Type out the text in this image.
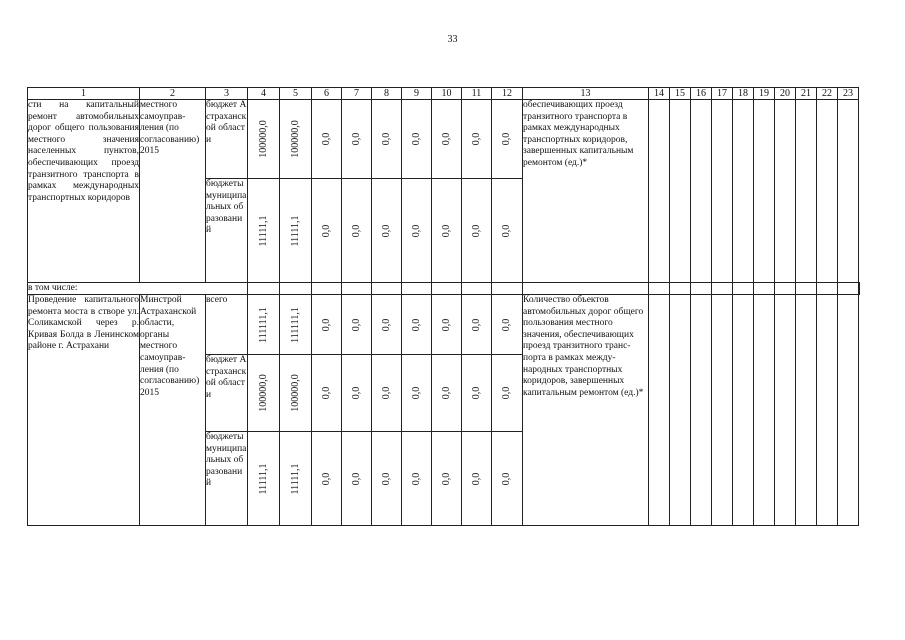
33
1	2	3	4	5	6	7	8	9	10	11	12	13	14	15	16	17	18	19	20	21	22	23	
сти на капитальный ремонт автомобильных дорог общего пользования местного значения населенных пунктов, обеспечивающих проезд транзитного транспорта в рамках международных транспортных коридоров	местного самоуправления (по согласованию) 2015	бюджет Астраханской области	100000,0	100000,0	0,0	0,0	0,0	0,0	0,0	0,0	0,0	обеспечивающих проезд транзитного транспорта в рамках международных транспортных коридоров, завершенных капитальным ремонтом (ед.)*											
		бюджеты муниципальных образований	11111,1	11111,1	0,0	0,0	0,0	0,0	0,0	0,0	0,0												

в том числе:																							
Проведение капитального ремонта моста в створе ул. Соликамской через р. Кривая Болда в Ленинском районе г. Астрахани	Минстрой Астраханской области, органы местного самоуправления (по согласованию) 2015	всего	111111,1	111111,1	0,0	0,0	0,0	0,0	0,0	0,0	0,0	Количество объектов автомобильных дорог общего пользования местного значения, обеспечивающих проезд транзитного транспорта в рамках международных транспортных коридоров, завершенных капитальным ремонтом (ед.)*											
		бюджет Астраханской области	100000,0	100000,0	0,0	0,0	0,0	0,0	0,0	0,0	0,0												

		бюджеты муниципальных образований	11111,1	11111,1	0,0	0,0	0,0	0,0	0,0	0,0	0,0												
